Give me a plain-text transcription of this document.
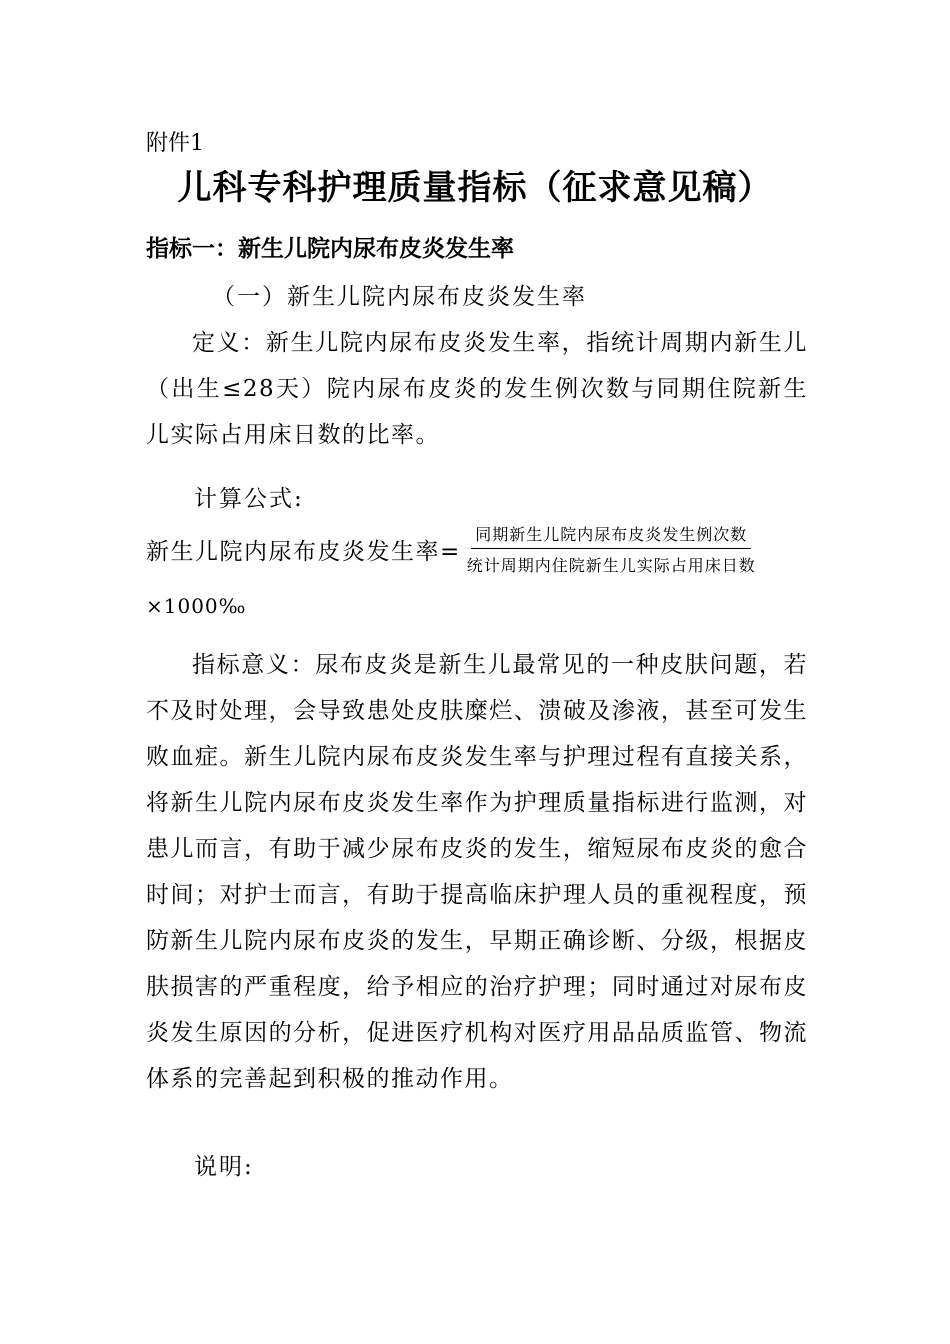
附件1
儿科专科护理质量指标（征求意见稿）
指标一：新生儿院内尿布皮炎发生率
（一）新生儿院内尿布皮炎发生率
定义：新生儿院内尿布皮炎发生率，指统计周期内新生儿（出生≤28天）院内尿布皮炎的发生例次数与同期住院新生儿实际占用床日数的比率。
计算公式:
新生儿院内尿布皮炎发生率= $\frac{\text{同期新生儿院内尿布皮炎发生例次数}}{\text{统计周期内住院新生儿实际占用床日数}}$
×1000‰
指标意义：尿布皮炎是新生儿最常见的一种皮肤问题，若不及时处理，会导致患处皮肤糜烂、溃破及渗液，甚至可发生败血症。新生儿院内尿布皮炎发生率与护理过程有直接关系，将新生儿院内尿布皮炎发生率作为护理质量指标进行监测，对患儿而言，有助于减少尿布皮炎的发生，缩短尿布皮炎的愈合时间；对护士而言，有助于提高临床护理人员的重视程度，预防新生儿院内尿布皮炎的发生，早期正确诊断、分级，根据皮肤损害的严重程度，给予相应的治疗护理；同时通过对尿布皮炎发生原因的分析，促进医疗机构对医疗用品品质监管、物流体系的完善起到积极的推动作用。
说明:
